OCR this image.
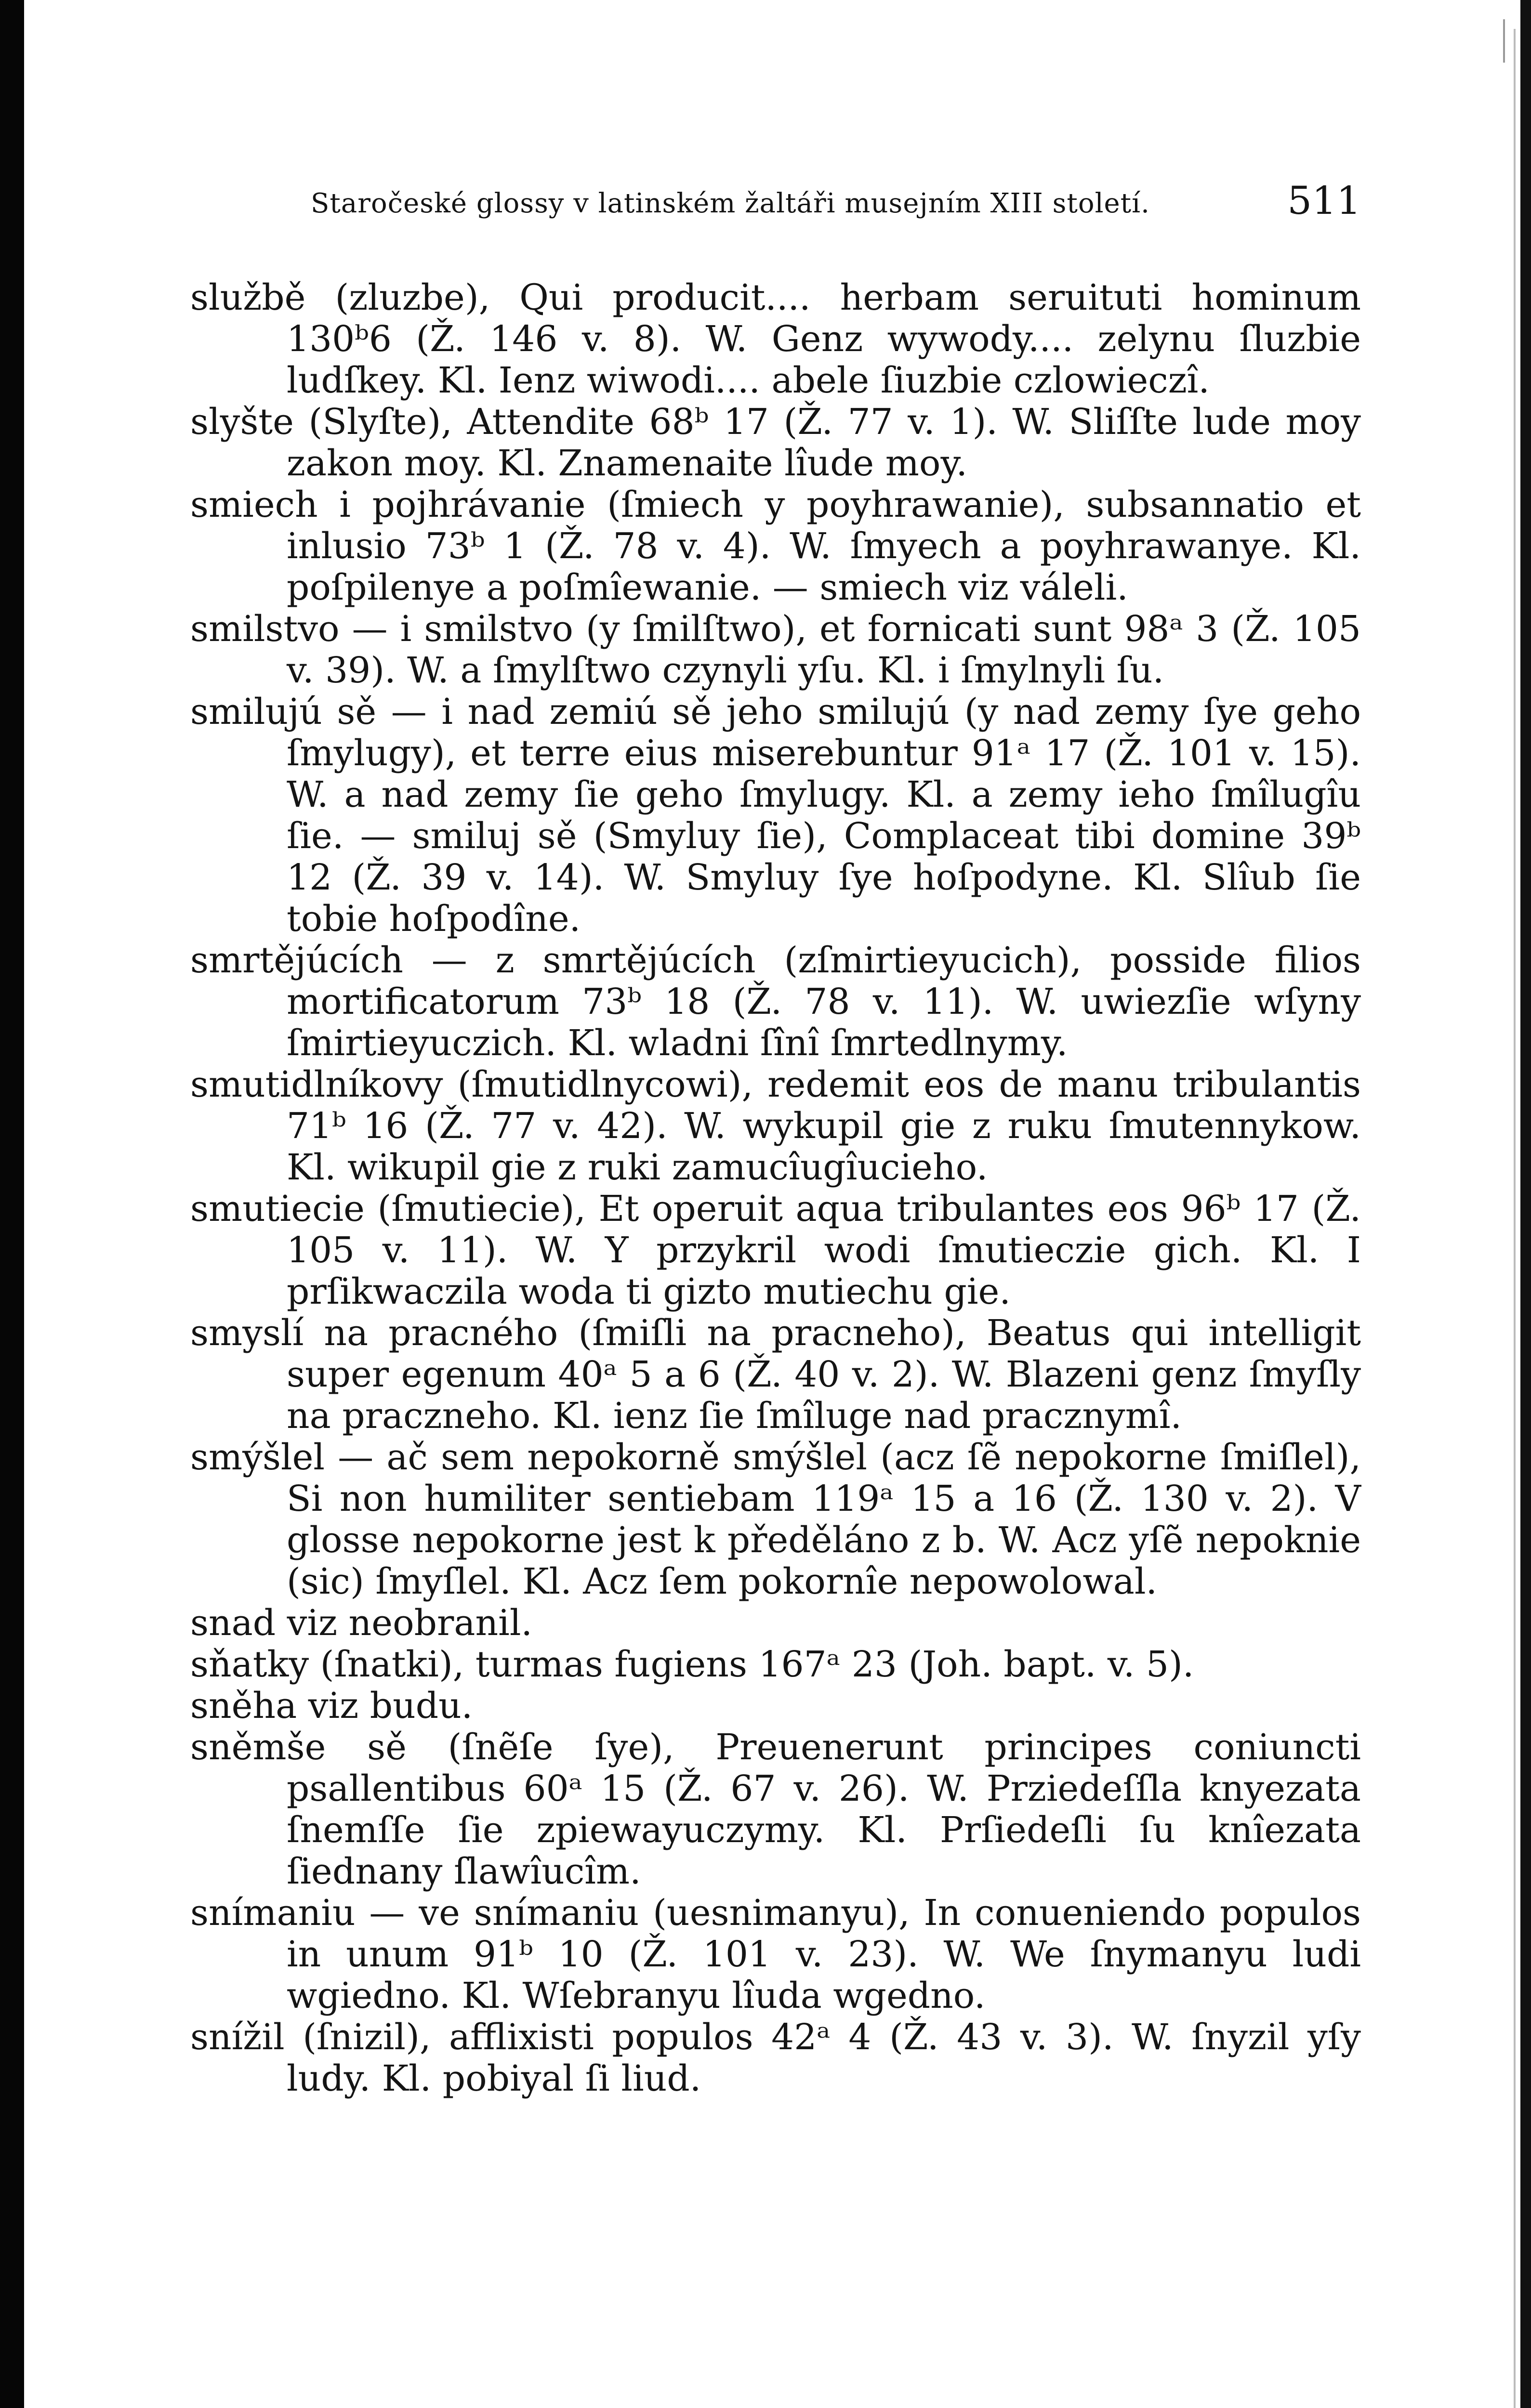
Staročeské glossy v latinském žaltáři musejním XIII století.	511

službě (zluzbe), Qui producit.... herbam seruituti hominum 130ᵇ6 (Ž. 146 v. 8). W. Genz wywody.... zelynu ſluzbie ludſkey. Kl. Ienz wiwodi.... abele ſiuzbie czlowieczî.

slyšte (Slyſte), Attendite 68ᵇ 17 (Ž. 77 v. 1). W. Sliſſte lude moy zakon moy. Kl. Znamenaite lîude moy.

smiech i pojhrávanie (ſmiech y poyhrawanie), subsannatio et inlusio 73ᵇ 1 (Ž. 78 v. 4). W. ſmyech a poyhrawanye. Kl. poſpilenye a poſmîewanie. — smiech viz váleli.

smilstvo — i smilstvo (y ſmilſtwo), et fornicati sunt 98ᵃ 3 (Ž. 105 v. 39). W. a ſmylſtwo czynyli yſu. Kl. i ſmylnyli ſu.

smilujú sě — i nad zemiú sě jeho smilujú (y nad zemy ſye geho ſmylugy), et terre eius miserebuntur 91ᵃ 17 (Ž. 101 v. 15). W. a nad zemy ſie geho ſmylugy. Kl. a zemy ieho ſmîlugîu ſie. — smiluj sě (Smyluy ſie), Complaceat tibi domine 39ᵇ 12 (Ž. 39 v. 14). W. Smyluy ſye hoſpodyne. Kl. Slîub ſie tobie hoſpodîne.

smrtějúcích — z smrtějúcích (zſmirtieyucich), posside filios mortificatorum 73ᵇ 18 (Ž. 78 v. 11). W. uwiezſie wſyny ſmirtieyuczich. Kl. wladni ſînî ſmrtedlnymy.

smutidlníkovy (ſmutidlnycowi), redemit eos de manu tribulantis 71ᵇ 16 (Ž. 77 v. 42). W. wykupil gie z ruku ſmutennykow. Kl. wikupil gie z ruki zamucîugîucieho.

smutiecie (ſmutiecie), Et operuit aqua tribulantes eos 96ᵇ 17 (Ž. 105 v. 11). W. Y przykril wodi ſmutieczie gich. Kl. I prſikwaczila woda ti gizto mutiechu gie.

smyslí na pracného (ſmiſli na pracneho), Beatus qui intelligit super egenum 40ᵃ 5 a 6 (Ž. 40 v. 2). W. Blazeni genz ſmyſly na praczneho. Kl. ienz ſie ſmîluge nad pracznymî.

smýšlel — ač sem nepokorně smýšlel (acz ſẽ nepokorne ſmiſlel), Si non humiliter sentiebam 119ᵃ 15 a 16 (Ž. 130 v. 2). V glosse nepokorne jest k předěláno z b. W. Acz yſẽ nepoknie (sic) ſmyſlel. Kl. Acz ſem pokornîe nepowolowal.

snad viz neobranil.

sňatky (ſnatki), turmas fugiens 167ᵃ 23 (Joh. bapt. v. 5).

sněha viz budu.

sněmše sě (ſnẽſe ſye), Preuenerunt principes coniuncti psallentibus 60ᵃ 15 (Ž. 67 v. 26). W. Prziedeſſla knyezata ſnemſſe ſie zpiewayuczymy. Kl. Prſiedeſli ſu knîezata ſiednany ſlawîucîm.

snímaniu — ve snímaniu (uesnimanyu), In conueniendo populos in unum 91ᵇ 10 (Ž. 101 v. 23). W. We ſnymanyu ludi wgiedno. Kl. Wſebranyu lîuda wgedno.

snížil (ſnizil), afflixisti populos 42ᵃ 4 (Ž. 43 v. 3). W. ſnyzil yſy ludy. Kl. pobiyal ſi liud.
